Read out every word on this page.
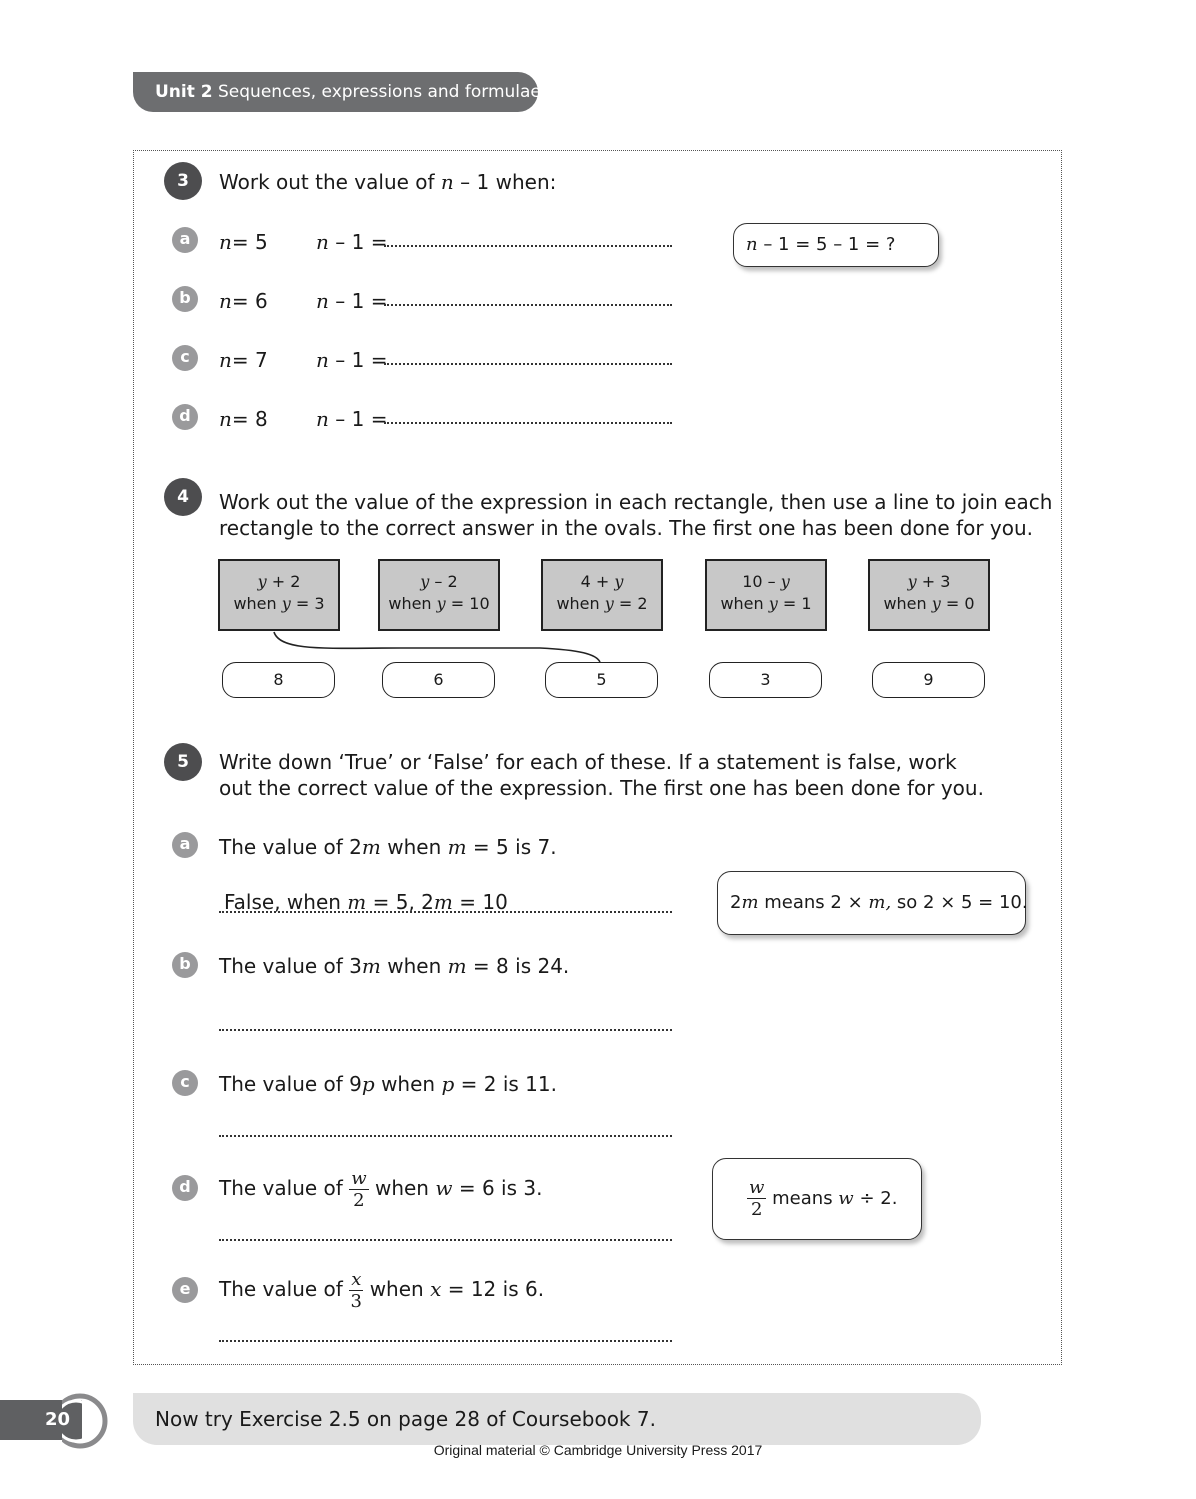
Unit 2 Sequences, expressions and formulae
3	Work out the value of n – 1 when:
a	n= 5 n – 1 =
b	n= 6 n – 1 =
c	n= 7 n – 1 =
d	n= 8 n – 1 =
n – 1 = 5 – 1 = ?
4	Work out the value of the expression in each rectangle, then use a line to join each
rectangle to the correct answer in the ovals. The first one has been done for you.
y + 2
when y = 3
y – 2
when y = 10
4 + y
when y = 2
10 – y
when y = 1
y + 3
when y = 0
8	6	5	3	9
5	Write down ‘True’ or ‘False’ for each of these. If a statement is false, work
out the correct value of the expression. The first one has been done for you.
a	The value of 2m when m = 5 is 7.
False, when m = 5, 2m = 10	2m means 2 × m, so 2 × 5 = 10.
b	The value of 3m when m = 8 is 24.
c	The value of 9p when p = 2 is 11.
d	The value of $\frac{w}{2}$ when w = 6 is 3.	$\frac{w}{2}$ means w ÷ 2.
e	The value of $\frac{x}{3}$ when x = 12 is 6.
20	Now try Exercise 2.5 on page 28 of Coursebook 7.
Original material © Cambridge University Press 2017
